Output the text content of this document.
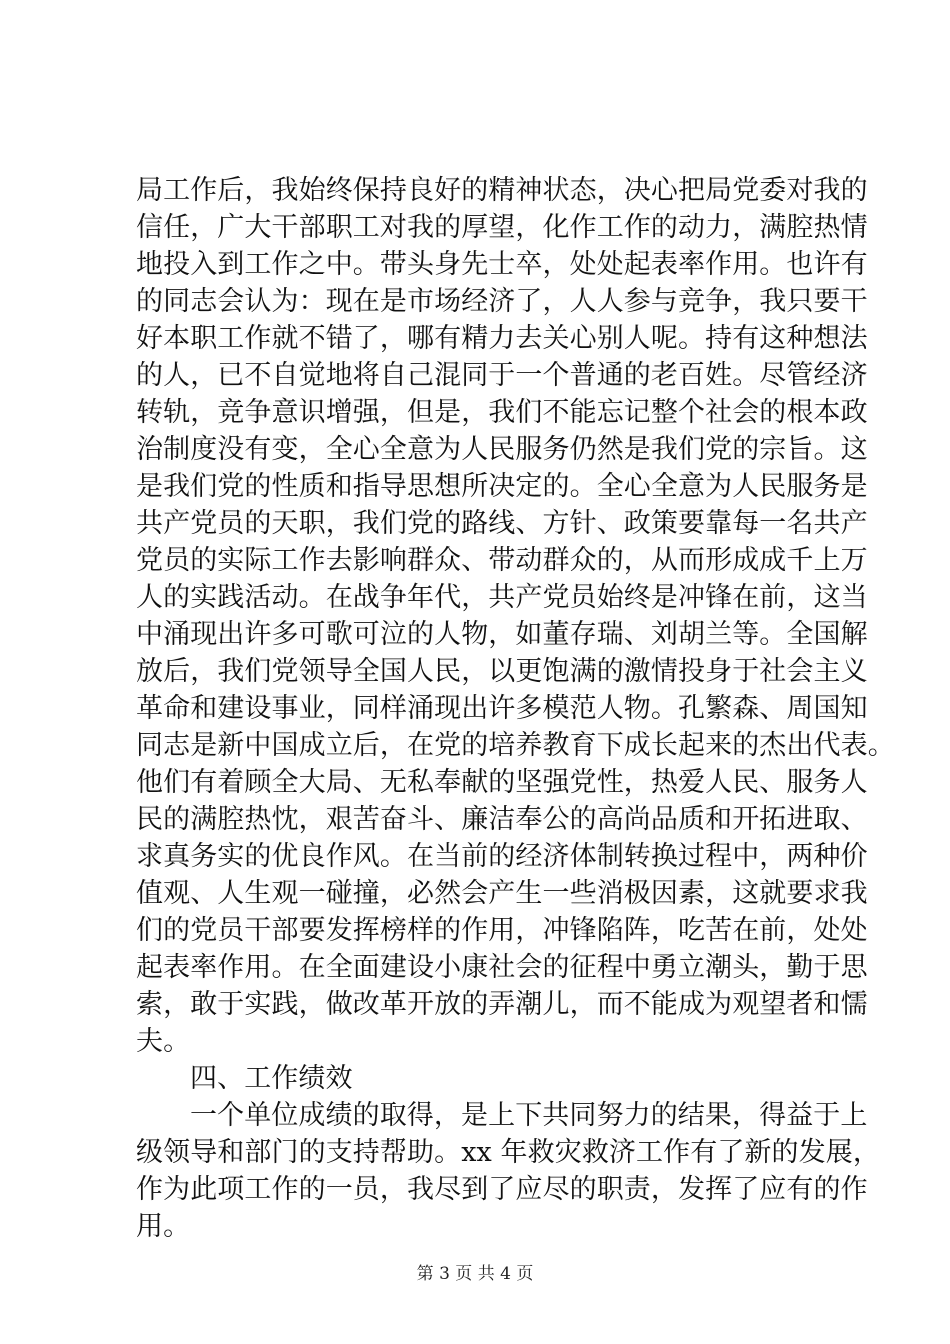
局工作后，我始终保持良好的精神状态，决心把局党委对我的

信任，广大干部职工对我的厚望，化作工作的动力，满腔热情

地投入到工作之中。带头身先士卒，处处起表率作用。也许有

的同志会认为：现在是市场经济了，人人参与竞争，我只要干

好本职工作就不错了，哪有精力去关心别人呢。持有这种想法

的人，已不自觉地将自己混同于一个普通的老百姓。尽管经济

转轨，竞争意识增强，但是，我们不能忘记整个社会的根本政

治制度没有变，全心全意为人民服务仍然是我们党的宗旨。这

是我们党的性质和指导思想所决定的。全心全意为人民服务是

共产党员的天职，我们党的路线、方针、政策要靠每一名共产

党员的实际工作去影响群众、带动群众的，从而形成成千上万

人的实践活动。在战争年代，共产党员始终是冲锋在前，这当

中涌现出许多可歌可泣的人物，如董存瑞、刘胡兰等。全国解

放后，我们党领导全国人民，以更饱满的激情投身于社会主义

革命和建设事业，同样涌现出许多模范人物。孔繁森、周国知

同志是新中国成立后，在党的培养教育下成长起来的杰出代表。

他们有着顾全大局、无私奉献的坚强党性，热爱人民、服务人

民的满腔热忱，艰苦奋斗、廉洁奉公的高尚品质和开拓进取、

求真务实的优良作风。在当前的经济体制转换过程中，两种价

值观、人生观一碰撞，必然会产生一些消极因素，这就要求我

们的党员干部要发挥榜样的作用，冲锋陷阵，吃苦在前，处处

起表率作用。在全面建设小康社会的征程中勇立潮头，勤于思

索，敢于实践，做改革开放的弄潮儿，而不能成为观望者和懦

夫。

四、工作绩效

一个单位成绩的取得，是上下共同努力的结果，得益于上

级领导和部门的支持帮助。xx 年救灾救济工作有了新的发展，

作为此项工作的一员，我尽到了应尽的职责，发挥了应有的作

用。

第 3 页 共 4 页
